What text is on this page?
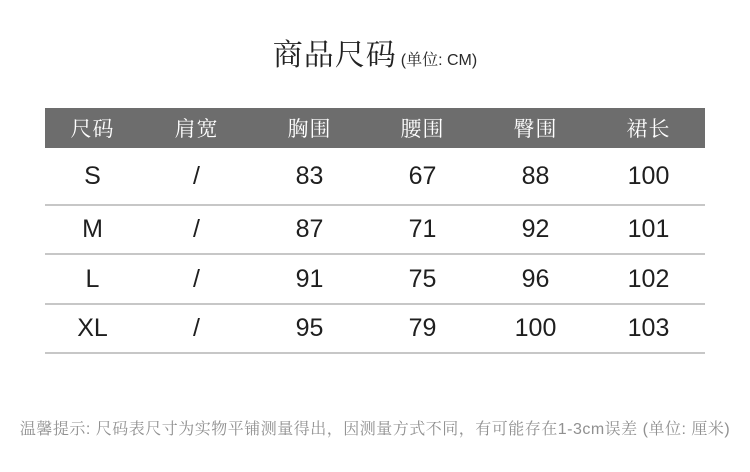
商品尺码 (单位: CM)
尺码	肩宽	胸围	腰围	臀围	裙长
S	/	83	67	88	100
M	/	87	71	92	101
L	/	91	75	96	102
XL	/	95	79	100	103

温馨提示: 尺码表尺寸为实物平铺测量得出，因测量方式不同，有可能存在1-3cm误差 (单位: 厘米)
